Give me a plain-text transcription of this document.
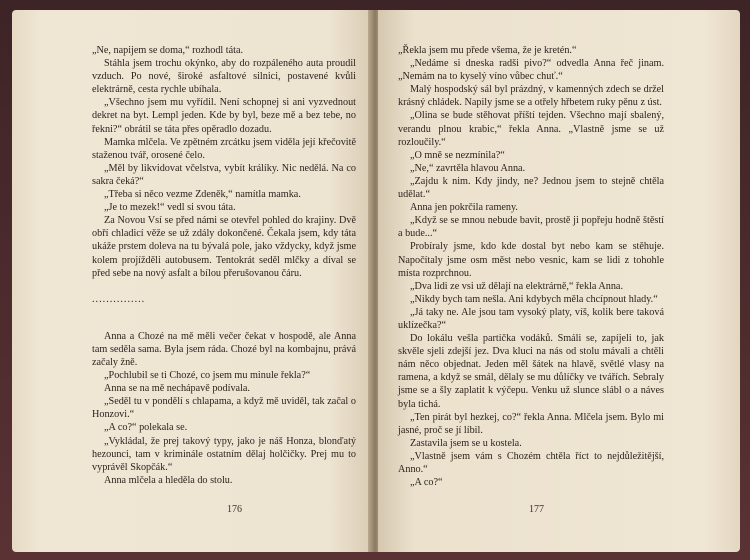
„Ne, napijem se doma,“ rozhodl táta.

Stáhla jsem trochu okýnko, aby do rozpáleného auta proudil vzduch. Po nové, široké asfaltové silnici, postavené kvůli elektrárně, cesta rychle ubíhala.

„Všechno jsem mu vyřídil. Není schopnej si ani vyzvednout dekret na byt. Lempl jeden. Kde by byl, beze mě a bez tebe, no řekni?“ obrátil se táta přes opěradlo dozadu.

Mamka mlčela. Ve zpětném zrcátku jsem viděla její křečovitě staženou tvář, orosené čelo.

„Měl by likvidovat včelstva, vybít králíky. Nic nedělá. Na co sakra čeká?“

„Třeba si něco vezme Zdeněk,“ namítla mamka.

„Je to mezek!“ vedl si svou táta.

Za Novou Vsí se před námi se otevřel pohled do krajiny. Dvě obří chladicí věže se už zdály dokončené. Čekala jsem, kdy táta ukáže prstem doleva na tu bývalá pole, jako vždycky, když jsme kolem projížděli autobusem. Tentokrát seděl mlčky a díval se před sebe na nový asfalt a bílou přerušovanou čáru.

...............

Anna a Chozé na mě měli večer čekat v hospodě, ale Anna tam seděla sama. Byla jsem ráda. Chozé byl na kombajnu, prává začaly žně.

„Pochlubil se ti Chozé, co jsem mu minule řekla?“

Anna se na mě nechápavě podívala.

„Seděl tu v pondělí s chlapama, a když mě uviděl, tak začal o Honzovi.“

„A co?“ polekala se.

„Vykládal, že prej takový typy, jako je náš Honza, blonďatý hezounci, tam v kriminále ostatním dělaj holčičky. Prej mu to vyprávěl Skopčák.“

Anna mlčela a hleděla do stolu.

176

„Řekla jsem mu přede všema, že je kretén.“

„Nedáme si dneska radši pivo?“ odvedla Anna řeč jinam. „Nemám na to kyselý víno vůbec chuť.“

Malý hospodský sál byl prázdný, v kamenných zdech se držel krásný chládek. Napily jsme se a otřely hřbetem ruky pěnu z úst.

„Olina se bude stěhovat příští tejden. Všechno mají sbalený, verandu plnou krabic,“ řekla Anna. „Vlastně jsme se už rozloučily.“

„O mně se nezmínila?“

„Ne,“ zavrtěla hlavou Anna.

„Zajdu k nim. Kdy jindy, ne? Jednou jsem to stejně chtěla udělat.“

Anna jen pokrčila rameny.

„Když se se mnou nebude bavit, prostě ji popřeju hodně štěstí a bude...“

Probíraly jsme, kdo kde dostal byt nebo kam se stěhuje. Napočítaly jsme osm měst nebo vesnic, kam se lidi z tohohle místa rozprchnou.

„Dva lidi ze vsi už dělají na elektrárně,“ řekla Anna.

„Nikdy bych tam nešla. Ani kdybych měla chcípnout hlady.“

„Já taky ne. Ale jsou tam vysoký platy, víš, kolik bere taková uklízečka?“

Do lokálu vešla partička vodáků. Smáli se, zapíjeli to, jak skvěle sjeli zdejší jez. Dva kluci na nás od stolu mávali a chtěli nám něco objednat. Jeden měl šátek na hlavě, světlé vlasy na ramena, a když se smál, dělaly se mu důlíčky ve tvářích. Sebraly jsme se a šly zaplatit k výčepu. Venku už slunce slábl o a náves byla tichá.

„Ten pirát byl hezkej, co?“ řekla Anna. Mlčela jsem. Bylo mi jasné, proč se jí líbil.

Zastavila jsem se u kostela.

„Vlastně jsem vám s Chozém chtěla říct to nejdůležitější, Anno.“

„A co?“

177
